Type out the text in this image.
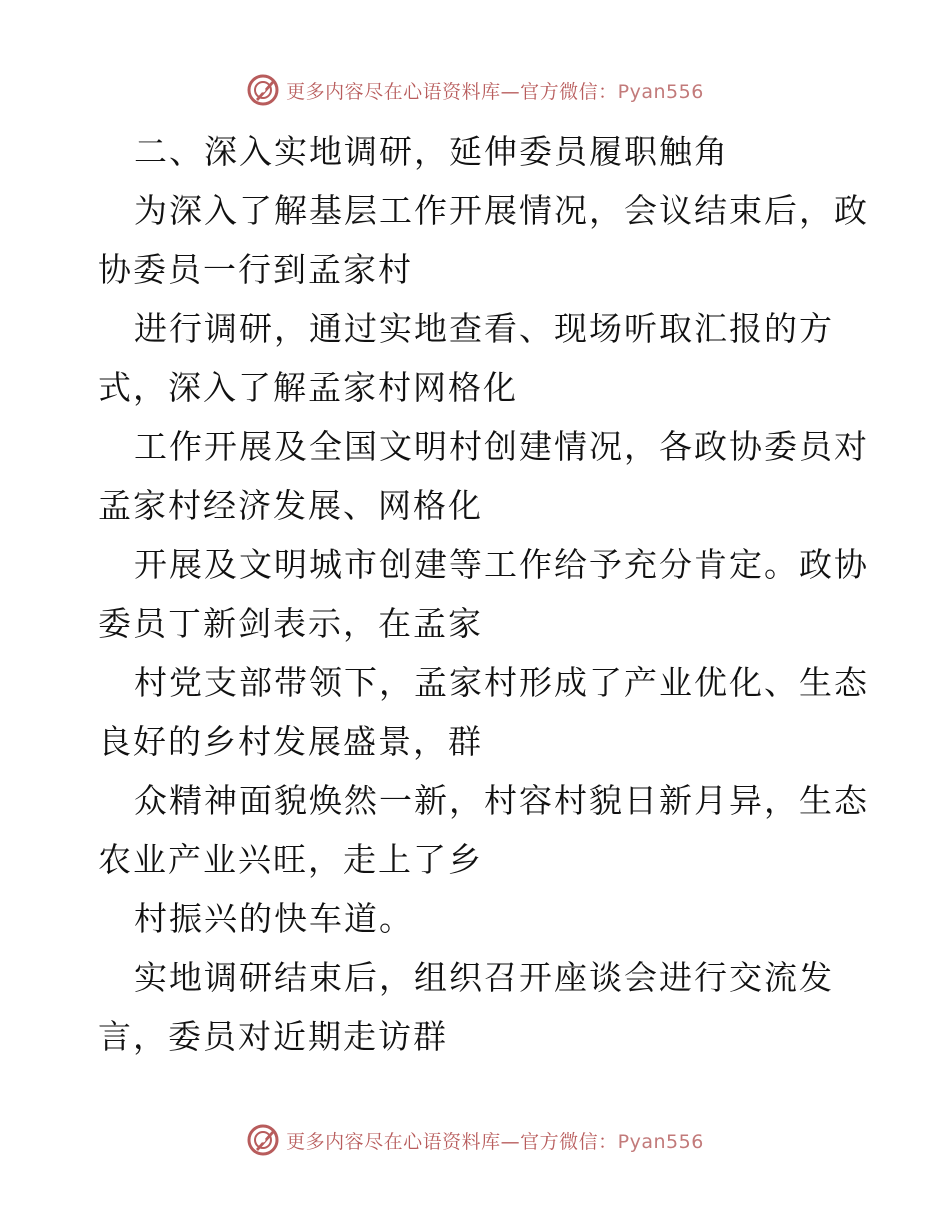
更多内容尽在心语资料库—官方微信：Pyan556
二、深入实地调研，延伸委员履职触角
为深入了解基层工作开展情况，会议结束后，政
协委员一行到孟家村
进行调研，通过实地查看、现场听取汇报的方
式，深入了解孟家村网格化
工作开展及全国文明村创建情况，各政协委员对
孟家村经济发展、网格化
开展及文明城市创建等工作给予充分肯定。政协
委员丁新剑表示，在孟家
村党支部带领下，孟家村形成了产业优化、生态
良好的乡村发展盛景，群
众精神面貌焕然一新，村容村貌日新月异，生态
农业产业兴旺，走上了乡
村振兴的快车道。
实地调研结束后，组织召开座谈会进行交流发
言，委员对近期走访群
更多内容尽在心语资料库—官方微信：Pyan556
